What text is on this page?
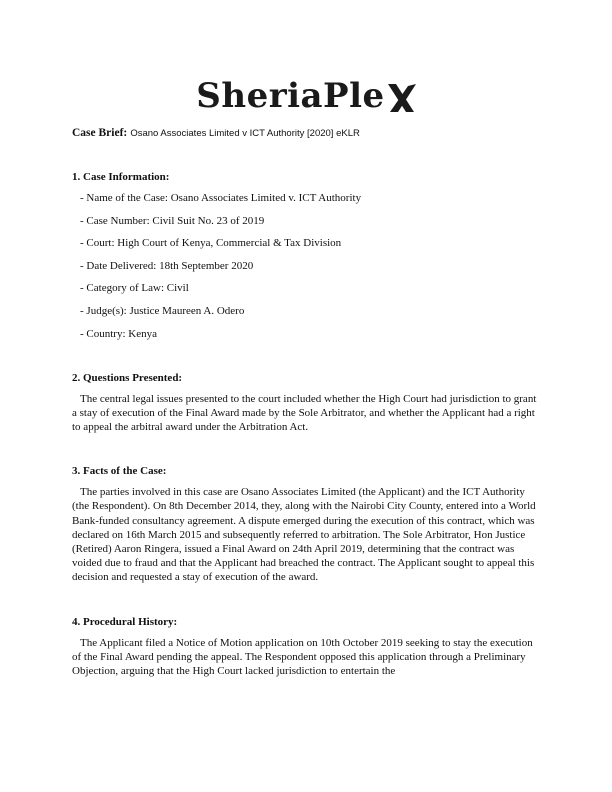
SheriaPle
Case Brief: Osano Associates Limited v ICT Authority [2020] eKLR
1. Case Information:
- Name of the Case: Osano Associates Limited v. ICT Authority
- Case Number: Civil Suit No. 23 of 2019
- Court: High Court of Kenya, Commercial & Tax Division
- Date Delivered: 18th September 2020
- Category of Law: Civil
- Judge(s): Justice Maureen A. Odero
- Country: Kenya
2. Questions Presented:

The central legal issues presented to the court included whether the High Court had jurisdiction to grant a stay of execution of the Final Award made by the Sole Arbitrator, and whether the Applicant had a right to appeal the arbitral award under the Arbitration Act.

3. Facts of the Case:

The parties involved in this case are Osano Associates Limited (the Applicant) and the ICT Authority (the Respondent). On 8th December 2014, they, along with the Nairobi City County, entered into a World Bank-funded consultancy agreement. A dispute emerged during the execution of this contract, which was declared on 16th March 2015 and subsequently referred to arbitration. The Sole Arbitrator, Hon Justice (Retired) Aaron Ringera, issued a Final Award on 24th April 2019, determining that the contract was voided due to fraud and that the Applicant had breached the contract. The Applicant sought to appeal this decision and requested a stay of execution of the award.

4. Procedural History:

The Applicant filed a Notice of Motion application on 10th October 2019 seeking to stay the execution of the Final Award pending the appeal. The Respondent opposed this application through a Preliminary Objection, arguing that the High Court lacked jurisdiction to entertain the
